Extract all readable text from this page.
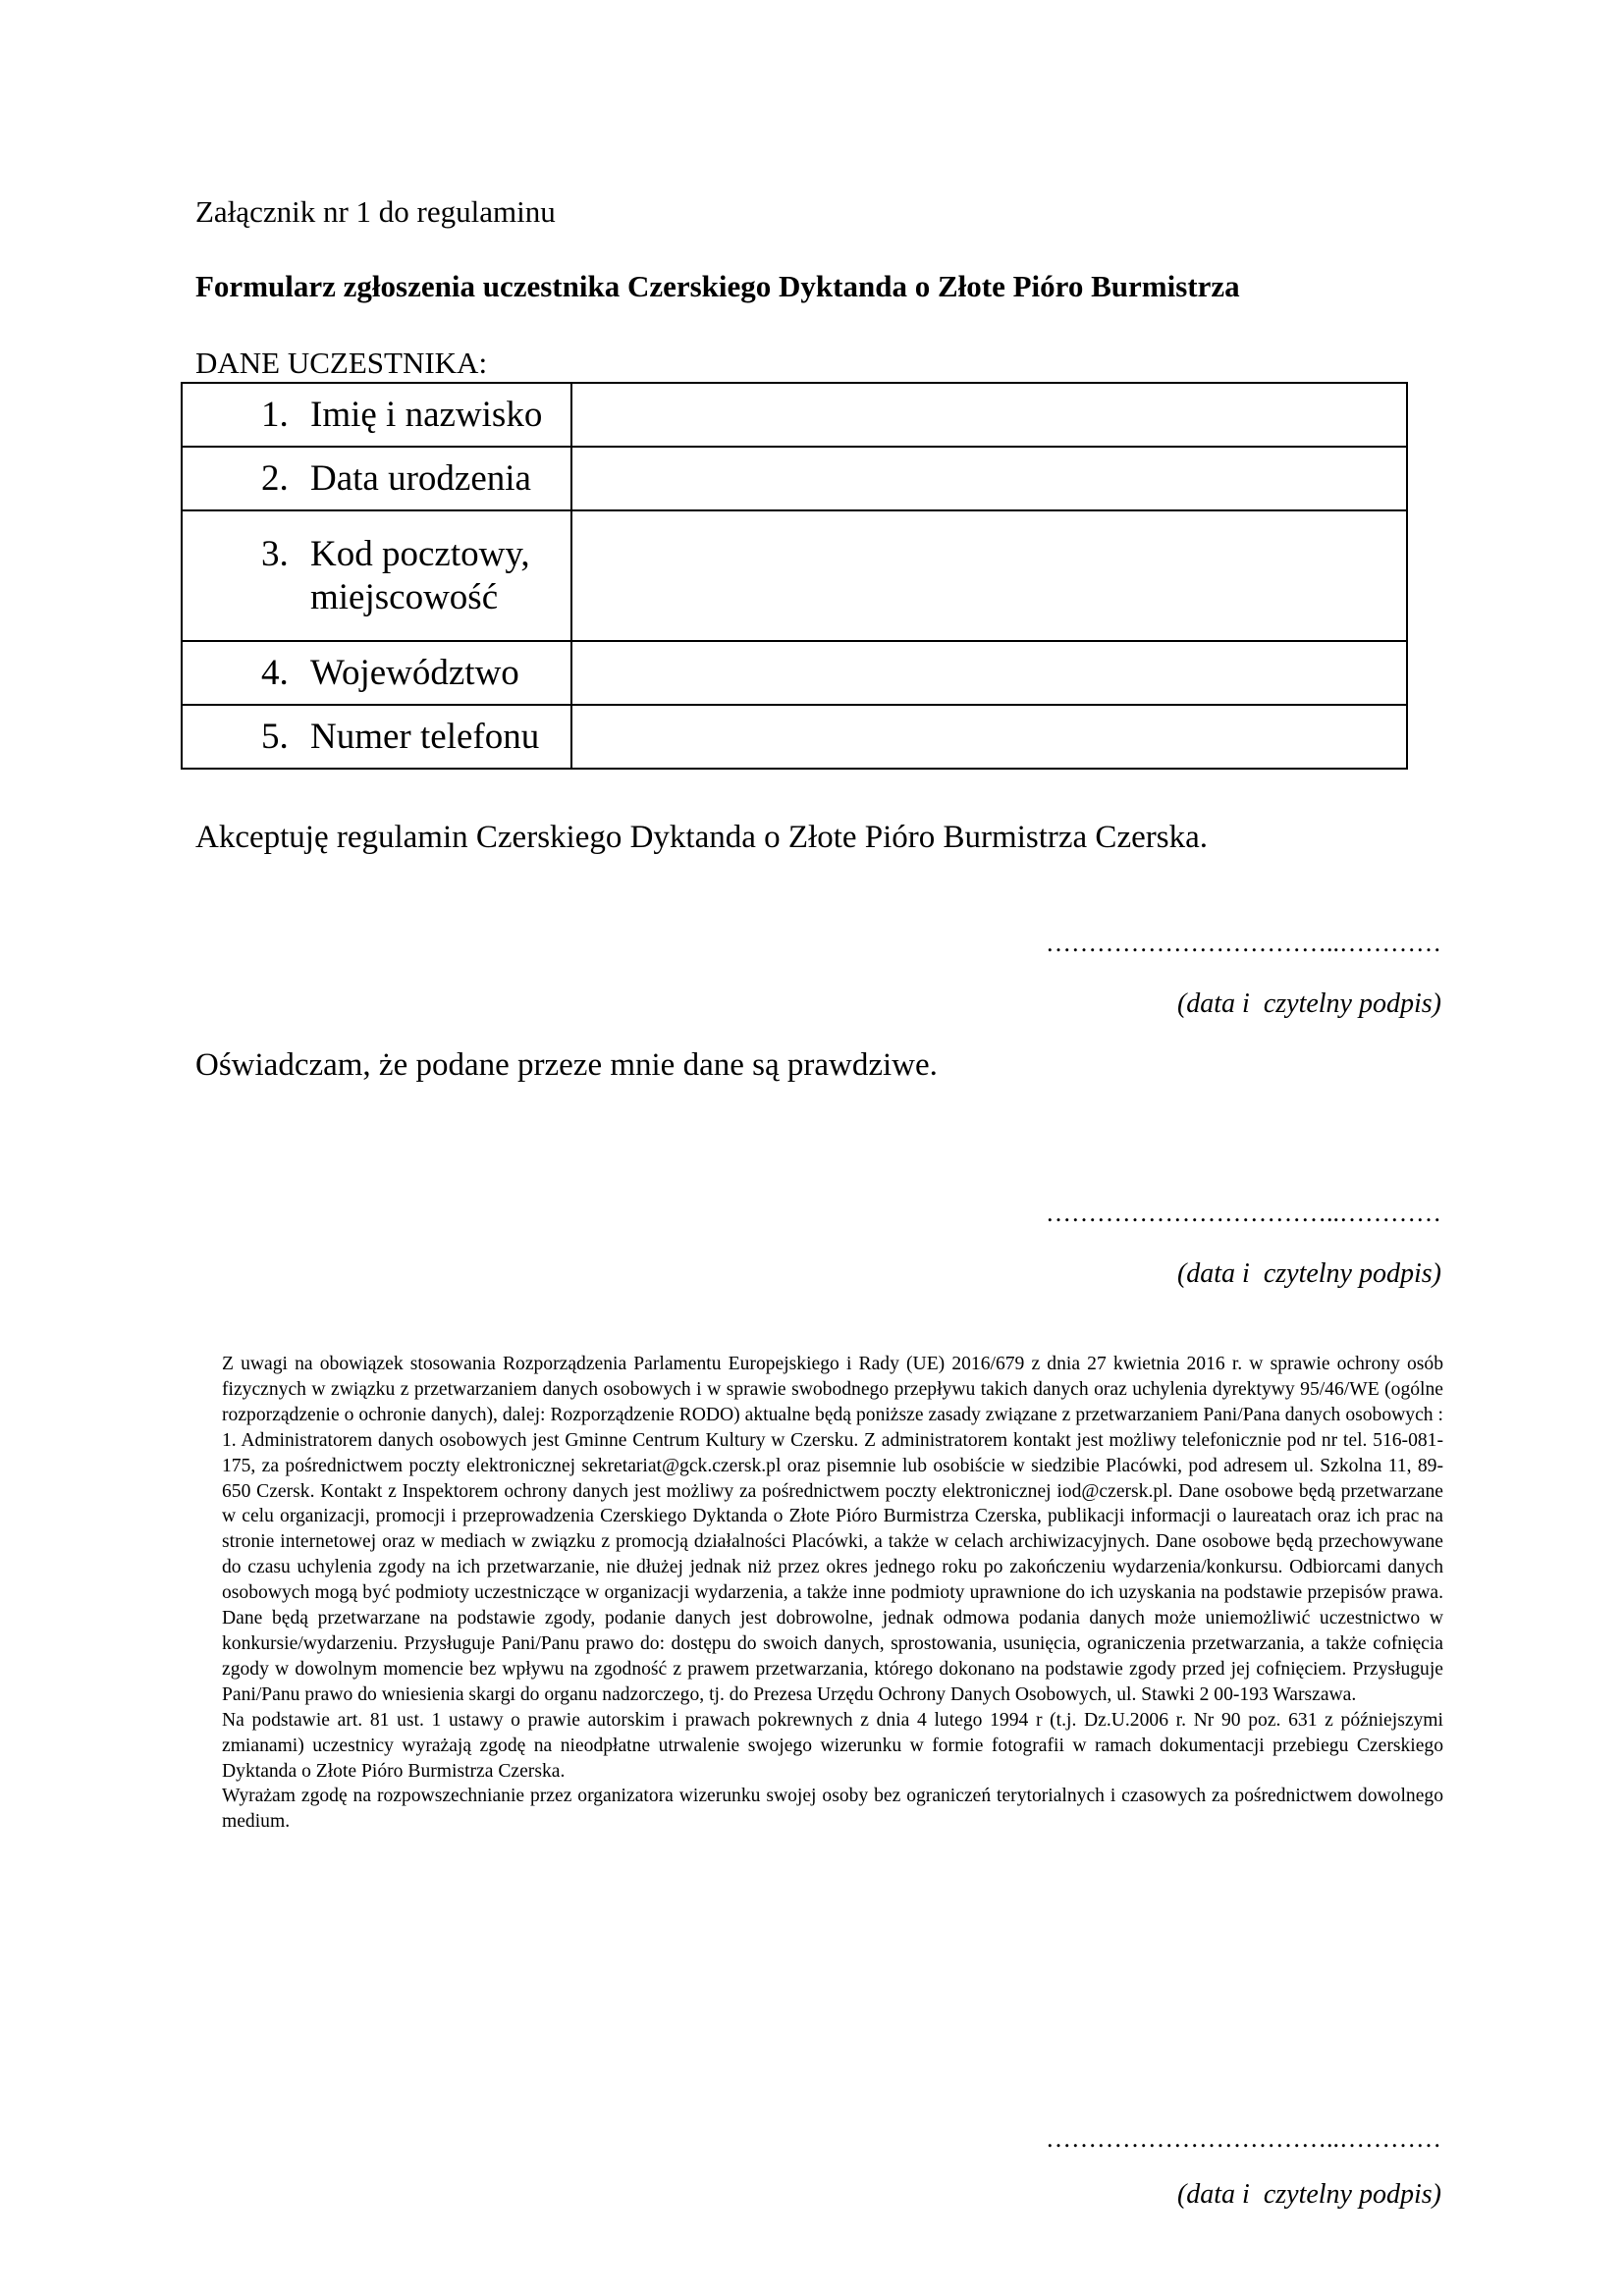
Załącznik nr 1 do regulaminu
Formularz zgłoszenia uczestnika Czerskiego Dyktanda o Złote Pióro Burmistrza
DANE UCZESTNIKA:
1. Imię i nazwisko

2. Data urodzenia

3. Kod pocztowy, miejscowość

4. Województwo

5. Numer telefonu

Akceptuję regulamin Czerskiego Dyktanda o Złote Pióro Burmistrza Czerska.
……………………………..…………
(data i  czytelny podpis)
Oświadczam, że podane przeze mnie dane są prawdziwe.
……………………………..…………
(data i  czytelny podpis)

Z uwagi na obowiązek stosowania Rozporządzenia Parlamentu Europejskiego i Rady (UE) 2016/679 z dnia 27 kwietnia 2016 r. w sprawie ochrony osób fizycznych w związku z przetwarzaniem danych osobowych i w sprawie swobodnego przepływu takich danych oraz uchylenia dyrektywy 95/46/WE (ogólne rozporządzenie o ochronie danych), dalej: Rozporządzenie RODO) aktualne będą poniższe zasady związane z przetwarzaniem Pani/Pana danych osobowych : 1. Administratorem danych osobowych jest Gminne Centrum Kultury w Czersku. Z administratorem kontakt jest możliwy telefonicznie pod nr tel. 516-081-175, za pośrednictwem poczty elektronicznej sekretariat@gck.czersk.pl oraz pisemnie lub osobiście w siedzibie Placówki, pod adresem ul. Szkolna 11, 89-650 Czersk. Kontakt z Inspektorem ochrony danych jest możliwy za pośrednictwem poczty elektronicznej iod@czersk.pl. Dane osobowe będą przetwarzane w celu organizacji, promocji i przeprowadzenia Czerskiego Dyktanda o Złote Pióro Burmistrza Czerska, publikacji informacji o laureatach oraz ich prac na stronie internetowej oraz w mediach w związku z promocją działalności Placówki, a także w celach archiwizacyjnych. Dane osobowe będą przechowywane do czasu uchylenia zgody na ich przetwarzanie, nie dłużej jednak niż przez okres jednego roku po zakończeniu wydarzenia/konkursu. Odbiorcami danych osobowych mogą być podmioty uczestniczące w organizacji wydarzenia, a także inne podmioty uprawnione do ich uzyskania na podstawie przepisów prawa. Dane będą przetwarzane na podstawie zgody, podanie danych jest dobrowolne, jednak odmowa podania danych może uniemożliwić uczestnictwo w konkursie/wydarzeniu. Przysługuje Pani/Panu prawo do: dostępu do swoich danych, sprostowania, usunięcia, ograniczenia przetwarzania, a także cofnięcia zgody w dowolnym momencie bez wpływu na zgodność z prawem przetwarzania, którego dokonano na podstawie zgody przed jej cofnięciem. Przysługuje Pani/Panu prawo do wniesienia skargi do organu nadzorczego, tj. do Prezesa Urzędu Ochrony Danych Osobowych, ul. Stawki 2 00-193 Warszawa.

Na podstawie art. 81 ust. 1 ustawy o prawie autorskim i prawach pokrewnych z dnia 4 lutego 1994 r (t.j. Dz.U.2006 r. Nr 90 poz. 631 z późniejszymi zmianami) uczestnicy wyrażają zgodę na nieodpłatne utrwalenie swojego wizerunku w formie fotografii w ramach dokumentacji przebiegu Czerskiego Dyktanda o Złote Pióro Burmistrza Czerska.

Wyrażam zgodę na rozpowszechnianie przez organizatora wizerunku swojej osoby bez ograniczeń terytorialnych i czasowych za pośrednictwem dowolnego medium.

……………………………..…………
(data i  czytelny podpis)
